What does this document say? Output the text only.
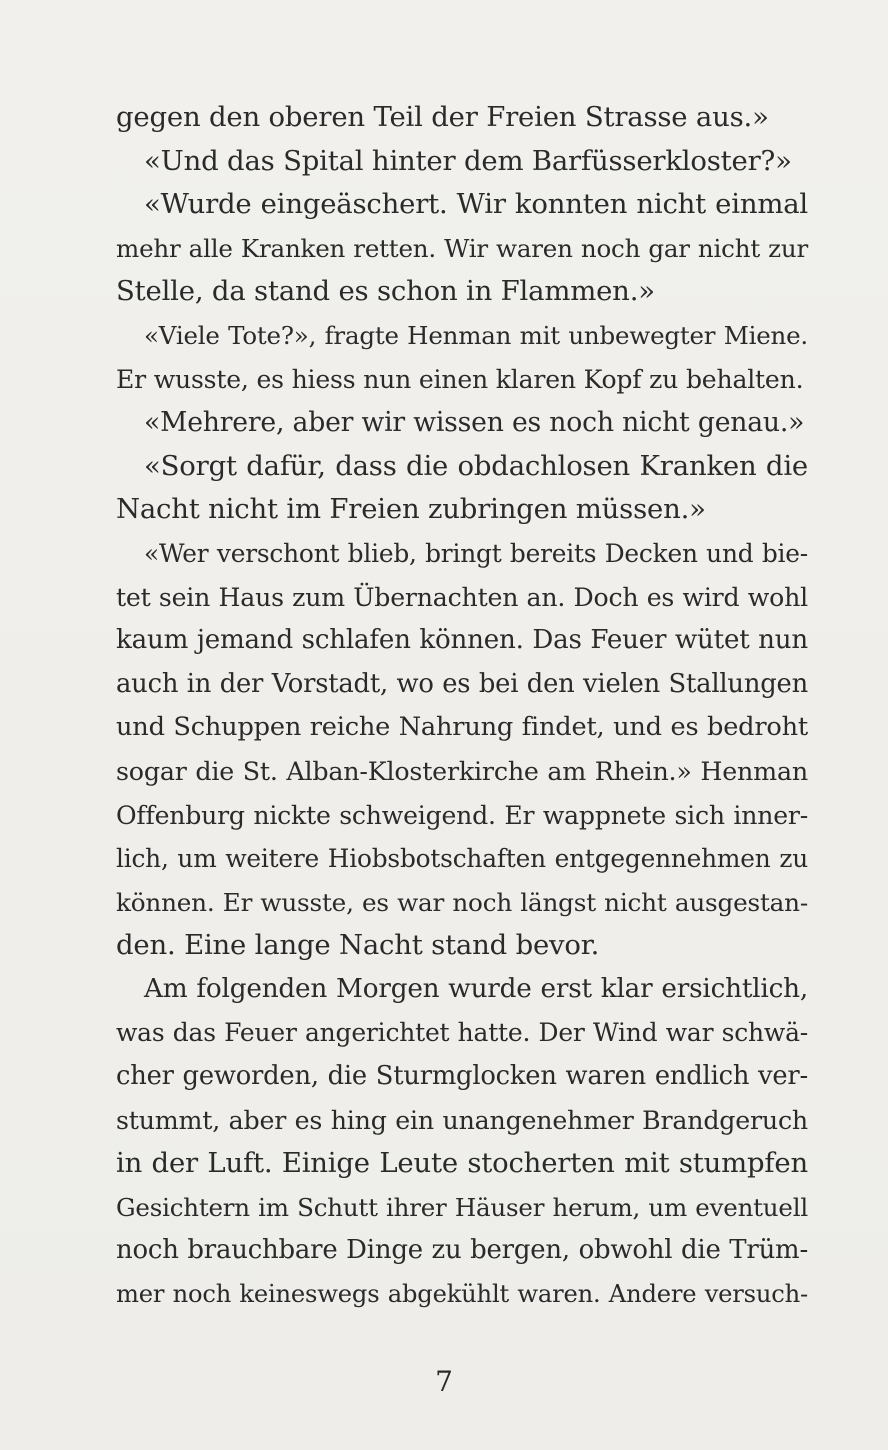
gegen den oberen Teil der Freien Strasse aus.»
«Und das Spital hinter dem Barfüsserkloster?»
«Wurde eingeäschert. Wir konnten nicht einmal
mehr alle Kranken retten. Wir waren noch gar nicht zur
Stelle, da stand es schon in Flammen.»
«Viele Tote?», fragte Henman mit unbewegter Miene.
Er wusste, es hiess nun einen klaren Kopf zu behalten.
«Mehrere, aber wir wissen es noch nicht genau.»
«Sorgt dafür, dass die obdachlosen Kranken die
Nacht nicht im Freien zubringen müssen.»
«Wer verschont blieb, bringt bereits Decken und bie-
tet sein Haus zum Übernachten an. Doch es wird wohl
kaum jemand schlafen können. Das Feuer wütet nun
auch in der Vorstadt, wo es bei den vielen Stallungen
und Schuppen reiche Nahrung findet, und es bedroht
sogar die St. Alban-Klosterkirche am Rhein.» Henman
Offenburg nickte schweigend. Er wappnete sich inner-
lich, um weitere Hiobsbotschaften entgegennehmen zu
können. Er wusste, es war noch längst nicht ausgestan-
den. Eine lange Nacht stand bevor.
Am folgenden Morgen wurde erst klar ersichtlich,
was das Feuer angerichtet hatte. Der Wind war schwä-
cher geworden, die Sturmglocken waren endlich ver-
stummt, aber es hing ein unangenehmer Brandgeruch
in der Luft. Einige Leute stocherten mit stumpfen
Gesichtern im Schutt ihrer Häuser herum, um eventuell
noch brauchbare Dinge zu bergen, obwohl die Trüm-
mer noch keineswegs abgekühlt waren. Andere versuch-
7
